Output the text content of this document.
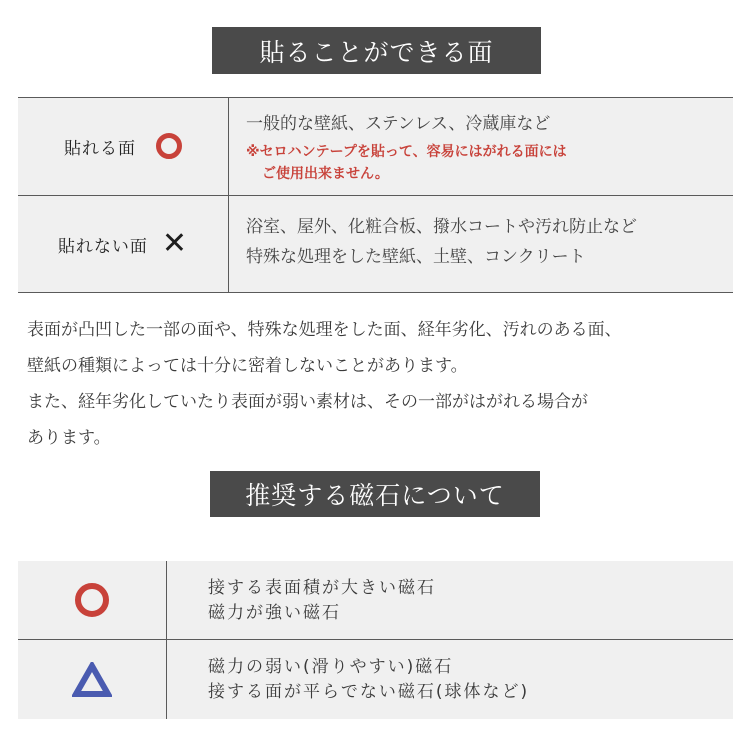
貼ることができる面
貼れる面
一般的な壁紙、ステンレス、冷蔵庫など
※セロハンテープを貼って、容易にはがれる面には
ご使用出来ません。
貼れない面 ✕	浴室、屋外、化粧合板、撥水コートや汚れ防止など
特殊な処理をした壁紙、土壁、コンクリート
表面が凸凹した一部の面や、特殊な処理をした面、経年劣化、汚れのある面、
壁紙の種類によっては十分に密着しないことがあります。
また、経年劣化していたり表面が弱い素材は、その一部がはがれる場合が
あります。
推奨する磁石について
接する表面積が大きい磁石
磁力が強い磁石
磁力の弱い(滑りやすい)磁石
接する面が平らでない磁石(球体など)
